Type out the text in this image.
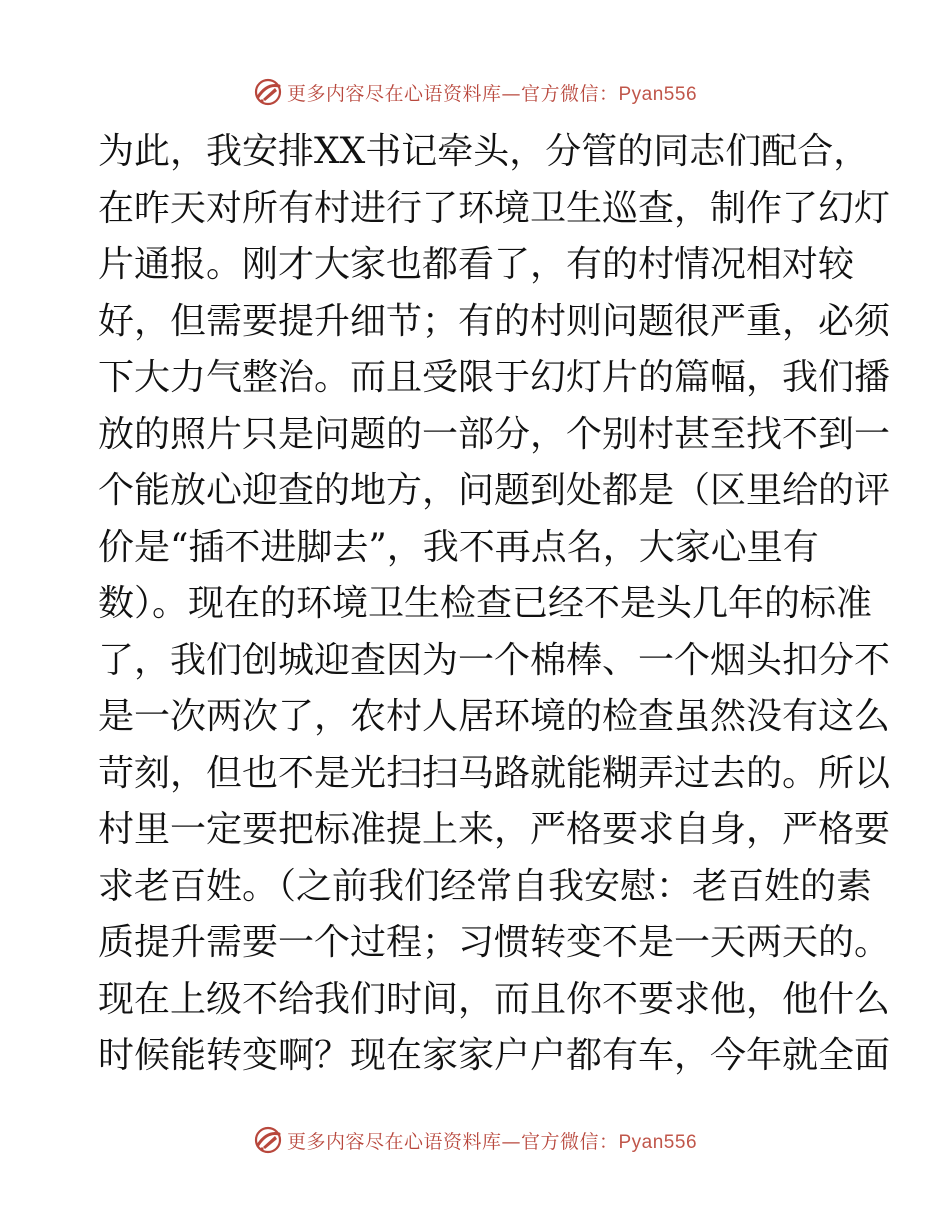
更多内容尽在心语资料库—官方微信：Pyan556
为此，我安排XX书记牵头，分管的同志们配合，
在昨天对所有村进行了环境卫生巡查，制作了幻灯
片通报。刚才大家也都看了，有的村情况相对较
好，但需要提升细节；有的村则问题很严重，必须
下大力气整治。而且受限于幻灯片的篇幅，我们播
放的照片只是问题的一部分，个别村甚至找不到一
个能放心迎查的地方，问题到处都是（区里给的评
价是“插不进脚去”，我不再点名，大家心里有
数）。现在的环境卫生检查已经不是头几年的标准
了，我们创城迎查因为一个棉棒、一个烟头扣分不
是一次两次了，农村人居环境的检查虽然没有这么
苛刻，但也不是光扫扫马路就能糊弄过去的。所以
村里一定要把标准提上来，严格要求自身，严格要
求老百姓。（之前我们经常自我安慰：老百姓的素
质提升需要一个过程；习惯转变不是一天两天的。
现在上级不给我们时间，而且你不要求他，他什么
时候能转变啊？现在家家户户都有车，今年就全面
更多内容尽在心语资料库—官方微信：Pyan556
